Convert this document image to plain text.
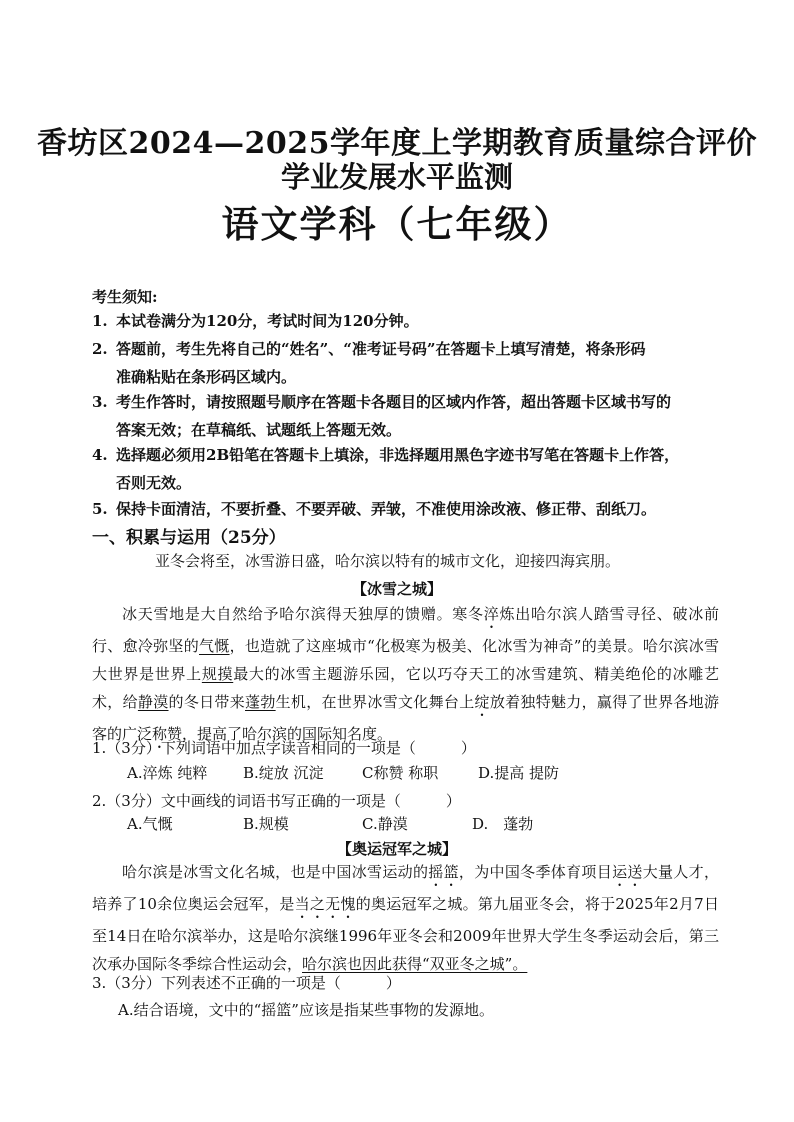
香坊区2024—2025学年度上学期教育质量综合评价
学业发展水平监测
语文学科（七年级）
考生须知:
1. 本试卷满分为120分，考试时间为120分钟。
2. 答题前，考生先将自己的“姓名”、“准考证号码”在答题卡上填写清楚，将条形码
准确粘贴在条形码区域内。
3. 考生作答时，请按照题号顺序在答题卡各题目的区域内作答，超出答题卡区域书写的
答案无效；在草稿纸、试题纸上答题无效。
4. 选择题必须用2B铅笔在答题卡上填涂，非选择题用黑色字迹书写笔在答题卡上作答，
否则无效。
5. 保持卡面清洁，不要折叠、不要弄破、弄皱，不准使用涂改液、修正带、刮纸刀。
一、积累与运用（25分）
亚冬会将至，冰雪游日盛，哈尔滨以特有的城市文化，迎接四海宾朋。
【冰雪之城】
冰天雪地是大自然给予哈尔滨得天独厚的馈赠。寒冬淬炼出哈尔滨人踏雪寻径、破冰前行、愈冷弥坚的气慨，也造就了这座城市“化极寒为极美、化冰雪为神奇”的美景。哈尔滨冰雪大世界是世界上规摸最大的冰雪主题游乐园，它以巧夺天工的冰雪建筑、精美绝伦的冰雕艺术，给静漠的冬日带来蓬勃生机，在世界冰雪文化舞台上绽放着独特魅力，赢得了世界各地游客的广泛称赞，提高了哈尔滨的国际知名度。
1.（3分）下列词语中加点字读音相同的一项是（　　　）
A.淬炼 纯粹 B.绽放 沉淀	C称赞 称职	D.提高 提防
2.（3分）文中画线的词语书写正确的一项是（　　　）
A.气慨	B.规模	C.静漠	D.　蓬勃
【奥运冠军之城】
哈尔滨是冰雪文化名城，也是中国冰雪运动的摇篮，为中国冬季体育项目运送大量人才，培养了10余位奥运会冠军，是当之无愧的奥运冠军之城。第九届亚冬会，将于2025年2月7日至14日在哈尔滨举办，这是哈尔滨继1996年亚冬会和2009年世界大学生冬季运动会后，第三次承办国际冬季综合性运动会，哈尔滨也因此获得“双亚冬之城”。
3.（3分）下列表述不正确的一项是（　　　）
A.结合语境，文中的“摇篮”应该是指某些事物的发源地。
